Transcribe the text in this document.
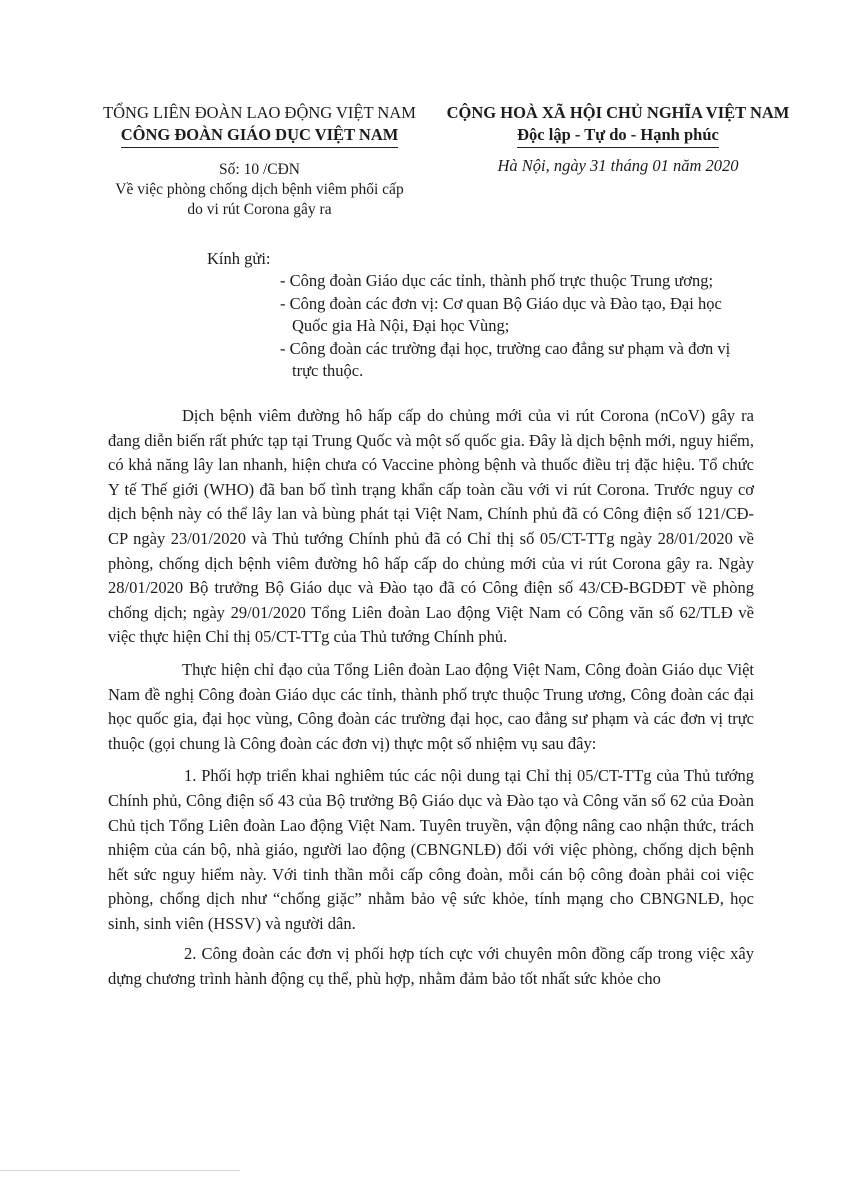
TỔNG LIÊN ĐOÀN LAO ĐỘNG VIỆT NAM
CÔNG ĐOÀN GIÁO DỤC VIỆT NAM
CỘNG HOÀ XÃ HỘI CHỦ NGHĨA VIỆT NAM
Độc lập - Tự do - Hạnh phúc
Số: 10 /CĐN
Về việc phòng chống dịch bệnh viêm phổi cấp
do vi rút Corona gây ra
Hà Nội, ngày 31 tháng 01 năm 2020
Kính gửi:
- Công đoàn Giáo dục các tỉnh, thành phố trực thuộc Trung ương;
- Công đoàn các đơn vị: Cơ quan Bộ Giáo dục và Đào tạo, Đại học Quốc gia Hà Nội, Đại học Vùng;
- Công đoàn các trường đại học, trường cao đẳng sư phạm và đơn vị trực thuộc.

Dịch bệnh viêm đường hô hấp cấp do chủng mới của vi rút Corona (nCoV) gây ra đang diễn biến rất phức tạp tại Trung Quốc và một số quốc gia. Đây là dịch bệnh mới, nguy hiểm, có khả năng lây lan nhanh, hiện chưa có Vaccine phòng bệnh và thuốc điều trị đặc hiệu. Tổ chức Y tế Thế giới (WHO) đã ban bố tình trạng khẩn cấp toàn cầu với vi rút Corona. Trước nguy cơ dịch bệnh này có thể lây lan và bùng phát tại Việt Nam, Chính phủ đã có Công điện số 121/CĐ-CP ngày 23/01/2020 và Thủ tướng Chính phủ đã có Chỉ thị số 05/CT-TTg ngày 28/01/2020 về phòng, chống dịch bệnh viêm đường hô hấp cấp do chủng mới của vi rút Corona gây ra. Ngày 28/01/2020 Bộ trưởng Bộ Giáo dục và Đào tạo đã có Công điện số 43/CĐ-BGDĐT về phòng chống dịch; ngày 29/01/2020 Tổng Liên đoàn Lao động Việt Nam có Công văn số 62/TLĐ về việc thực hiện Chỉ thị 05/CT-TTg của Thủ tướng Chính phủ.

Thực hiện chỉ đạo của Tổng Liên đoàn Lao động Việt Nam, Công đoàn Giáo dục Việt Nam đề nghị Công đoàn Giáo dục các tỉnh, thành phố trực thuộc Trung ương, Công đoàn các đại học quốc gia, đại học vùng, Công đoàn các trường đại học, cao đẳng sư phạm và các đơn vị trực thuộc (gọi chung là Công đoàn các đơn vị) thực một số nhiệm vụ sau đây:

1. Phối hợp triển khai nghiêm túc các nội dung tại Chỉ thị 05/CT-TTg của Thủ tướng Chính phủ, Công điện số 43 của Bộ trưởng Bộ Giáo dục và Đào tạo và Công văn số 62 của Đoàn Chủ tịch Tổng Liên đoàn Lao động Việt Nam. Tuyên truyền, vận động nâng cao nhận thức, trách nhiệm của cán bộ, nhà giáo, người lao động (CBNGNLĐ) đối với việc phòng, chống dịch bệnh hết sức nguy hiểm này. Với tinh thần mỗi cấp công đoàn, mỗi cán bộ công đoàn phải coi việc phòng, chống dịch như “chống giặc” nhằm bảo vệ sức khỏe, tính mạng cho CBNGNLĐ, học sinh, sinh viên (HSSV) và người dân.

2. Công đoàn các đơn vị phối hợp tích cực với chuyên môn đồng cấp trong việc xây dựng chương trình hành động cụ thể, phù hợp, nhằm đảm bảo tốt nhất sức khỏe cho
